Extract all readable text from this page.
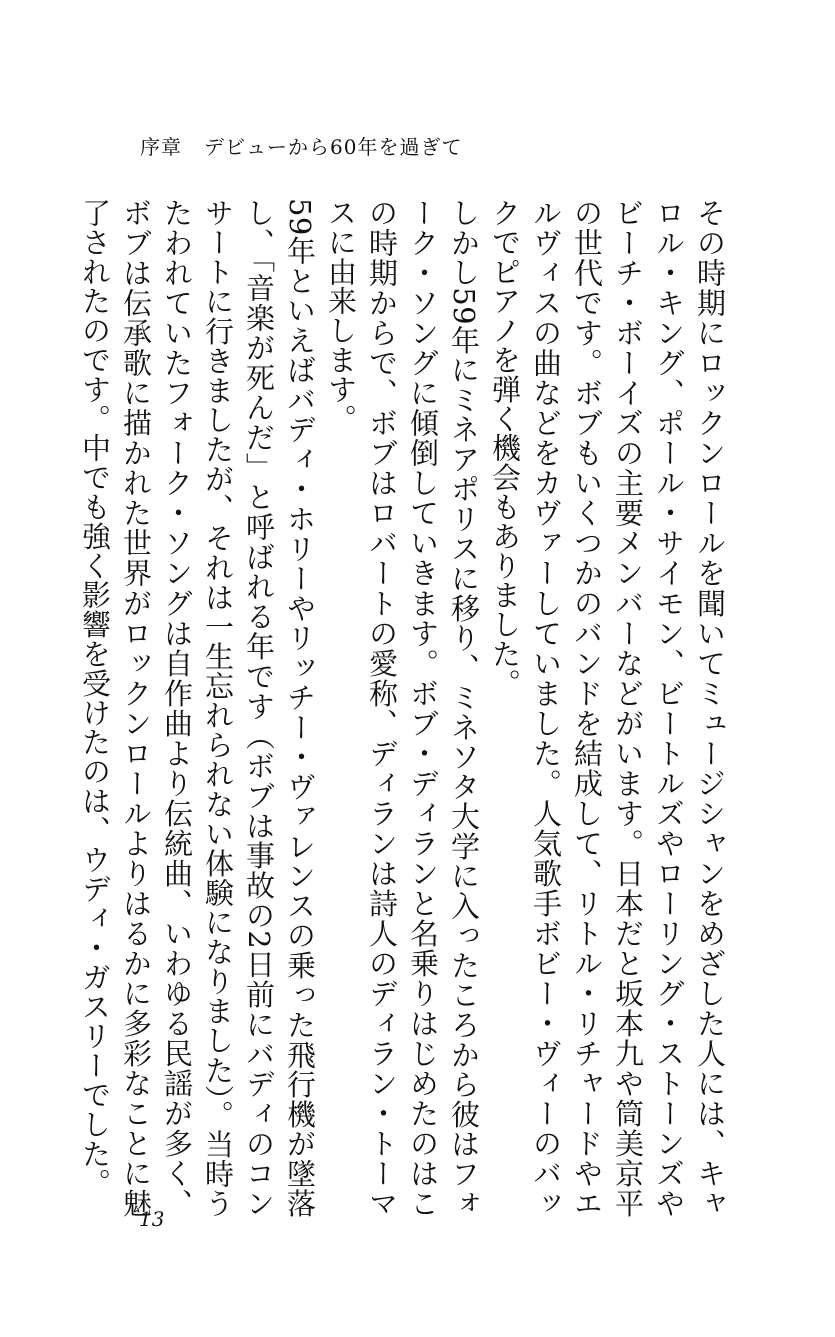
序章 デビューから60年を過ぎて

その時期にロックンロールを聞いてミュージシャンをめざした人には、キャロル・キング、ポール・サイモン、ビートルズやローリング・ストーンズやビーチ・ボーイズの主要メンバーなどがいます。日本だと坂本九や筒美京平の世代です。ボブもいくつかのバンドを結成して、リトル・リチャードやエルヴィスの曲などをカヴァーしていました。人気歌手ボビー・ヴィーのバックでピアノを弾く機会もありました。

しかし59年にミネアポリスに移り、ミネソタ大学に入ったころから彼はフォーク・ソングに傾倒していきます。ボブ・ディランと名乗りはじめたのはこの時期からで、ボブはロバートの愛称、ディランは詩人のディラン・トーマスに由来します。

59年といえばバディ・ホリーやリッチー・ヴァレンスの乗った飛行機が墜落し、「音楽が死んだ」と呼ばれる年です（ボブは事故の2日前にバディのコンサートに行きましたが、それは一生忘れられない体験になりました）。当時うたわれていたフォーク・ソングは自作曲より伝統曲、いわゆる民謡が多く、ボブは伝承歌に描かれた世界がロックンロールよりはるかに多彩なことに魅了されたのです。中でも強く影響を受けたのは、ウディ・ガスリーでした。

13
